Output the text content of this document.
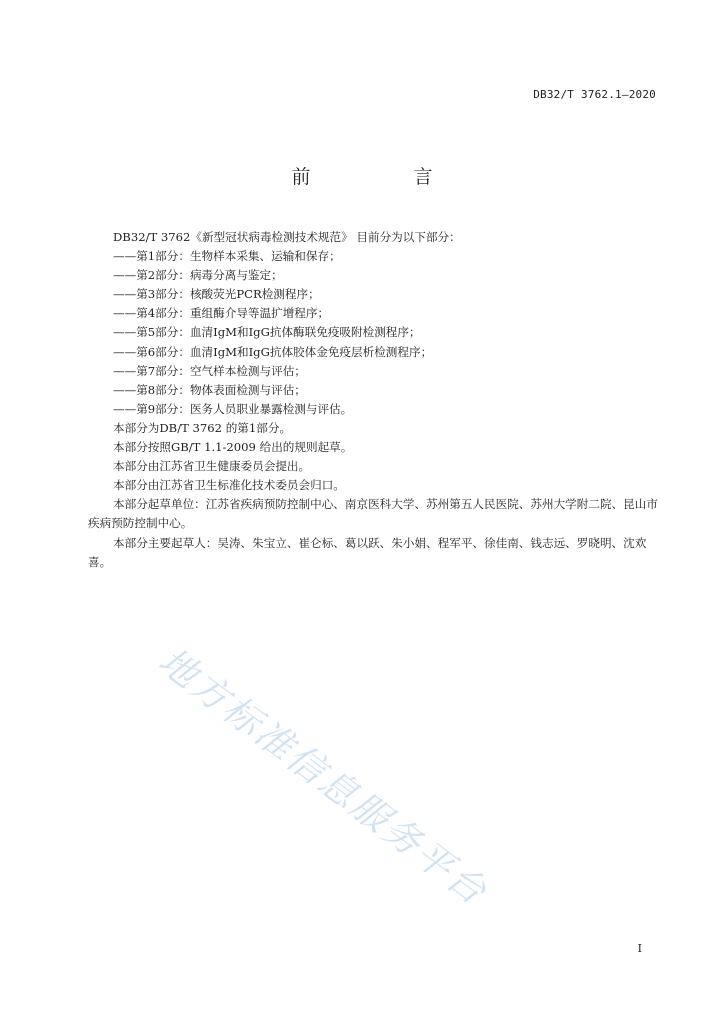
DB32/T 3762.1—2020
前　言

DB32/T 3762《新型冠状病毒检测技术规范》 目前分为以下部分：

——第1部分：生物样本采集、运输和保存；

——第2部分：病毒分离与鉴定；

——第3部分：核酸荧光PCR检测程序；

——第4部分：重组酶介导等温扩增程序；

——第5部分：血清IgM和IgG抗体酶联免疫吸附检测程序；

——第6部分：血清IgM和IgG抗体胶体金免疫层析检测程序；

——第7部分：空气样本检测与评估；

——第8部分：物体表面检测与评估；

——第9部分：医务人员职业暴露检测与评估。

本部分为DB/T 3762 的第1部分。

本部分按照GB/T 1.1-2009 给出的规则起草。

本部分由江苏省卫生健康委员会提出。

本部分由江苏省卫生标准化技术委员会归口。

本部分起草单位：江苏省疾病预防控制中心、南京医科大学、苏州第五人民医院、苏州大学附二院、昆山市疾病预防控制中心。

本部分主要起草人：吴涛、朱宝立、崔仑标、葛以跃、朱小娟、程军平、徐佳南、钱志远、罗晓明、沈欢喜。

地方标准信息服务平台
I
